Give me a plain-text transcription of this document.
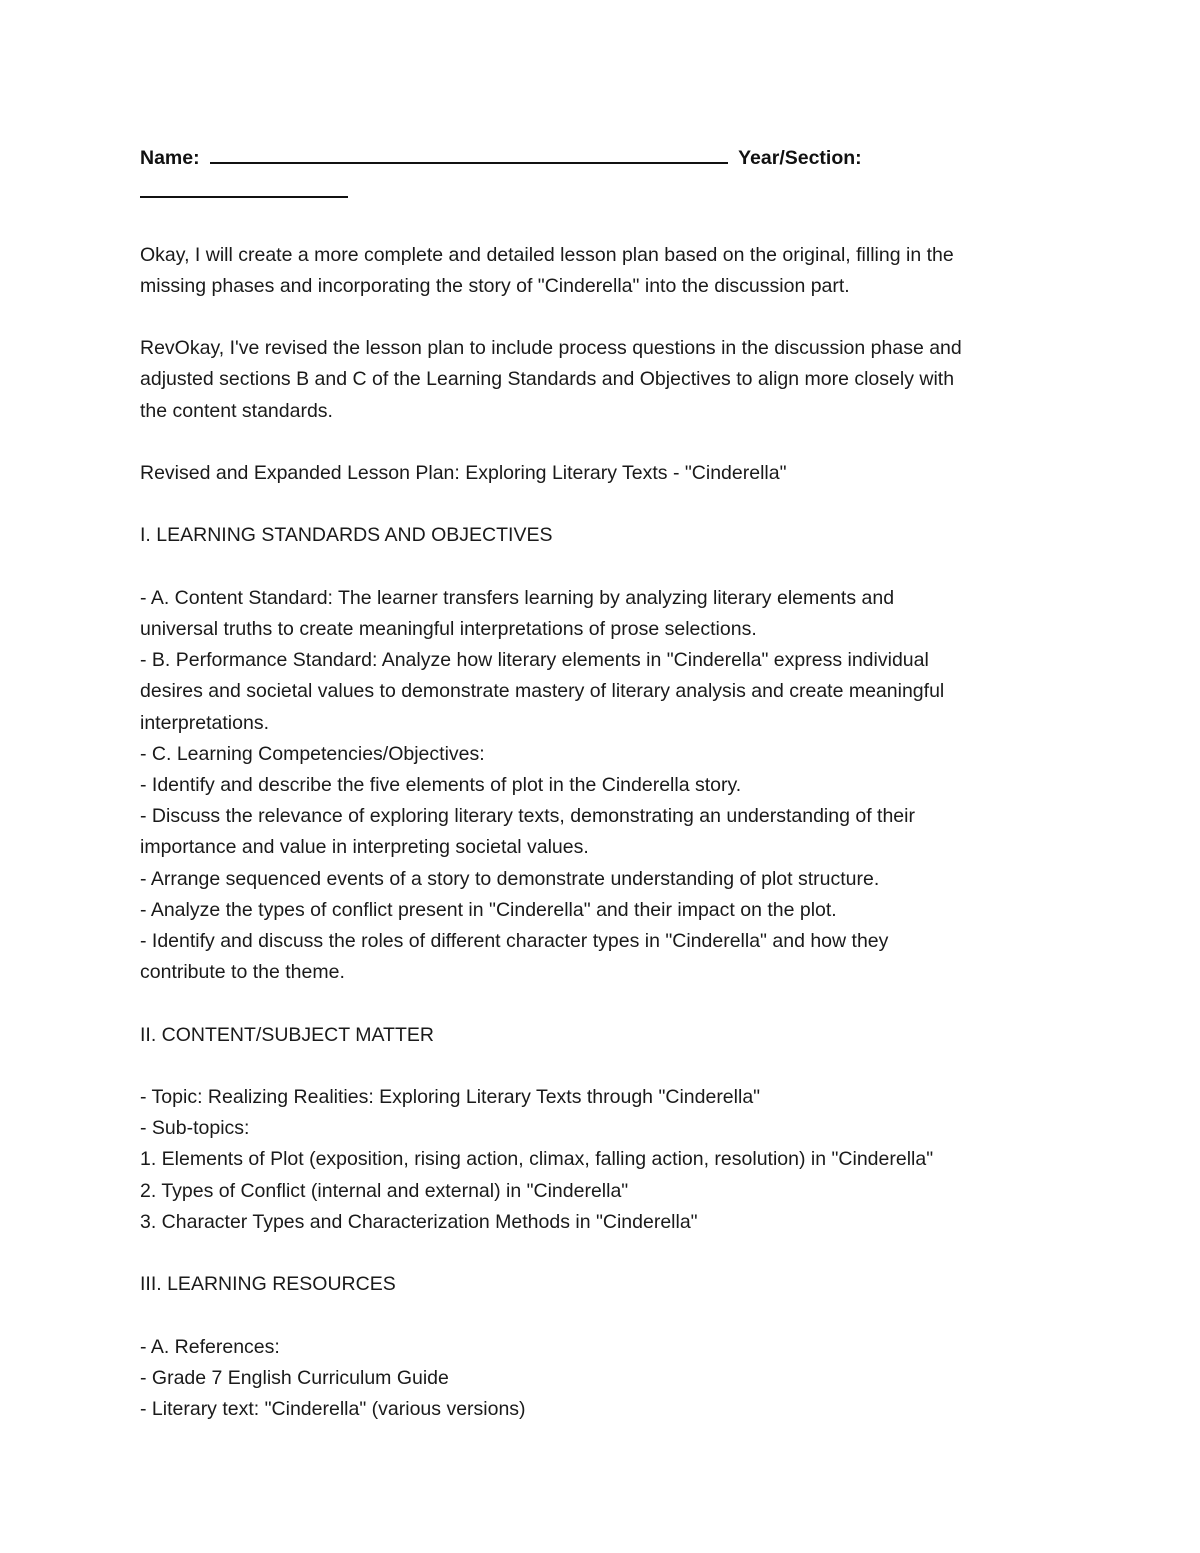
Name:	Year/Section:
Okay, I will create a more complete and detailed lesson plan based on the original, filling in the
missing phases and incorporating the story of "Cinderella" into the discussion part.
RevOkay, I've revised the lesson plan to include process questions in the discussion phase and
adjusted sections B and C of the Learning Standards and Objectives to align more closely with
the content standards.
Revised and Expanded Lesson Plan: Exploring Literary Texts - "Cinderella"
I. LEARNING STANDARDS AND OBJECTIVES
- A. Content Standard: The learner transfers learning by analyzing literary elements and
universal truths to create meaningful interpretations of prose selections.
- B. Performance Standard: Analyze how literary elements in "Cinderella" express individual
desires and societal values to demonstrate mastery of literary analysis and create meaningful
interpretations.
- C. Learning Competencies/Objectives:
- Identify and describe the five elements of plot in the Cinderella story.
- Discuss the relevance of exploring literary texts, demonstrating an understanding of their
importance and value in interpreting societal values.
- Arrange sequenced events of a story to demonstrate understanding of plot structure.
- Analyze the types of conflict present in "Cinderella" and their impact on the plot.
- Identify and discuss the roles of different character types in "Cinderella" and how they
contribute to the theme.
II. CONTENT/SUBJECT MATTER
- Topic: Realizing Realities: Exploring Literary Texts through "Cinderella"
- Sub-topics:
1. Elements of Plot (exposition, rising action, climax, falling action, resolution) in "Cinderella"
2. Types of Conflict (internal and external) in "Cinderella"
3. Character Types and Characterization Methods in "Cinderella"
III. LEARNING RESOURCES
- A. References:
- Grade 7 English Curriculum Guide
- Literary text: "Cinderella" (various versions)
